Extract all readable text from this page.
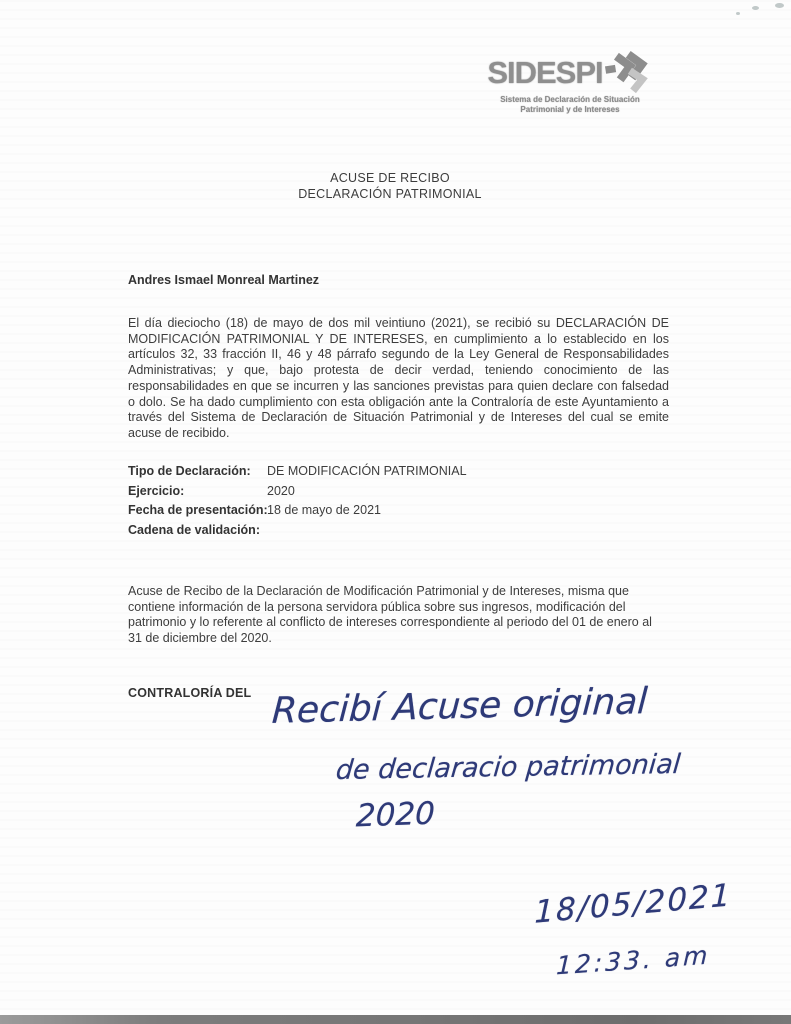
SIDESPI
Sistema de Declaración de Situación
Patrimonial y de Intereses
ACUSE DE RECIBO
DECLARACIÓN PATRIMONIAL
Andres Ismael Monreal Martinez
El día dieciocho (18) de mayo de dos mil veintiuno (2021), se recibió su DECLARACIÓN DE MODIFICACIÓN PATRIMONIAL Y DE INTERESES, en cumplimiento a lo establecido en los artículos 32, 33 fracción II, 46 y 48 párrafo segundo de la Ley General de Responsabilidades Administrativas; y que, bajo protesta de decir verdad, teniendo conocimiento de las responsabilidades en que se incurren y las sanciones previstas para quien declare con falsedad o dolo. Se ha dado cumplimiento con esta obligación ante la Contraloría de este Ayuntamiento a través del Sistema de Declaración de Situación Patrimonial y de Intereses del cual se emite acuse de recibido.
Tipo de Declaración:	DE MODIFICACIÓN PATRIMONIAL
Ejercicio:	2020
Fecha de presentación: 18 de mayo de 2021
Cadena de validación:
Acuse de Recibo de la Declaración de Modificación Patrimonial y de Intereses, misma que contiene información de la persona servidora pública sobre sus ingresos, modificación del patrimonio y lo referente al conflicto de intereses correspondiente al periodo del 01 de enero al 31 de diciembre del 2020.
CONTRALORÍA DEL Recibí Acuse original
de declaracio patrimonial
2020
18/05/2021
12:33. am
